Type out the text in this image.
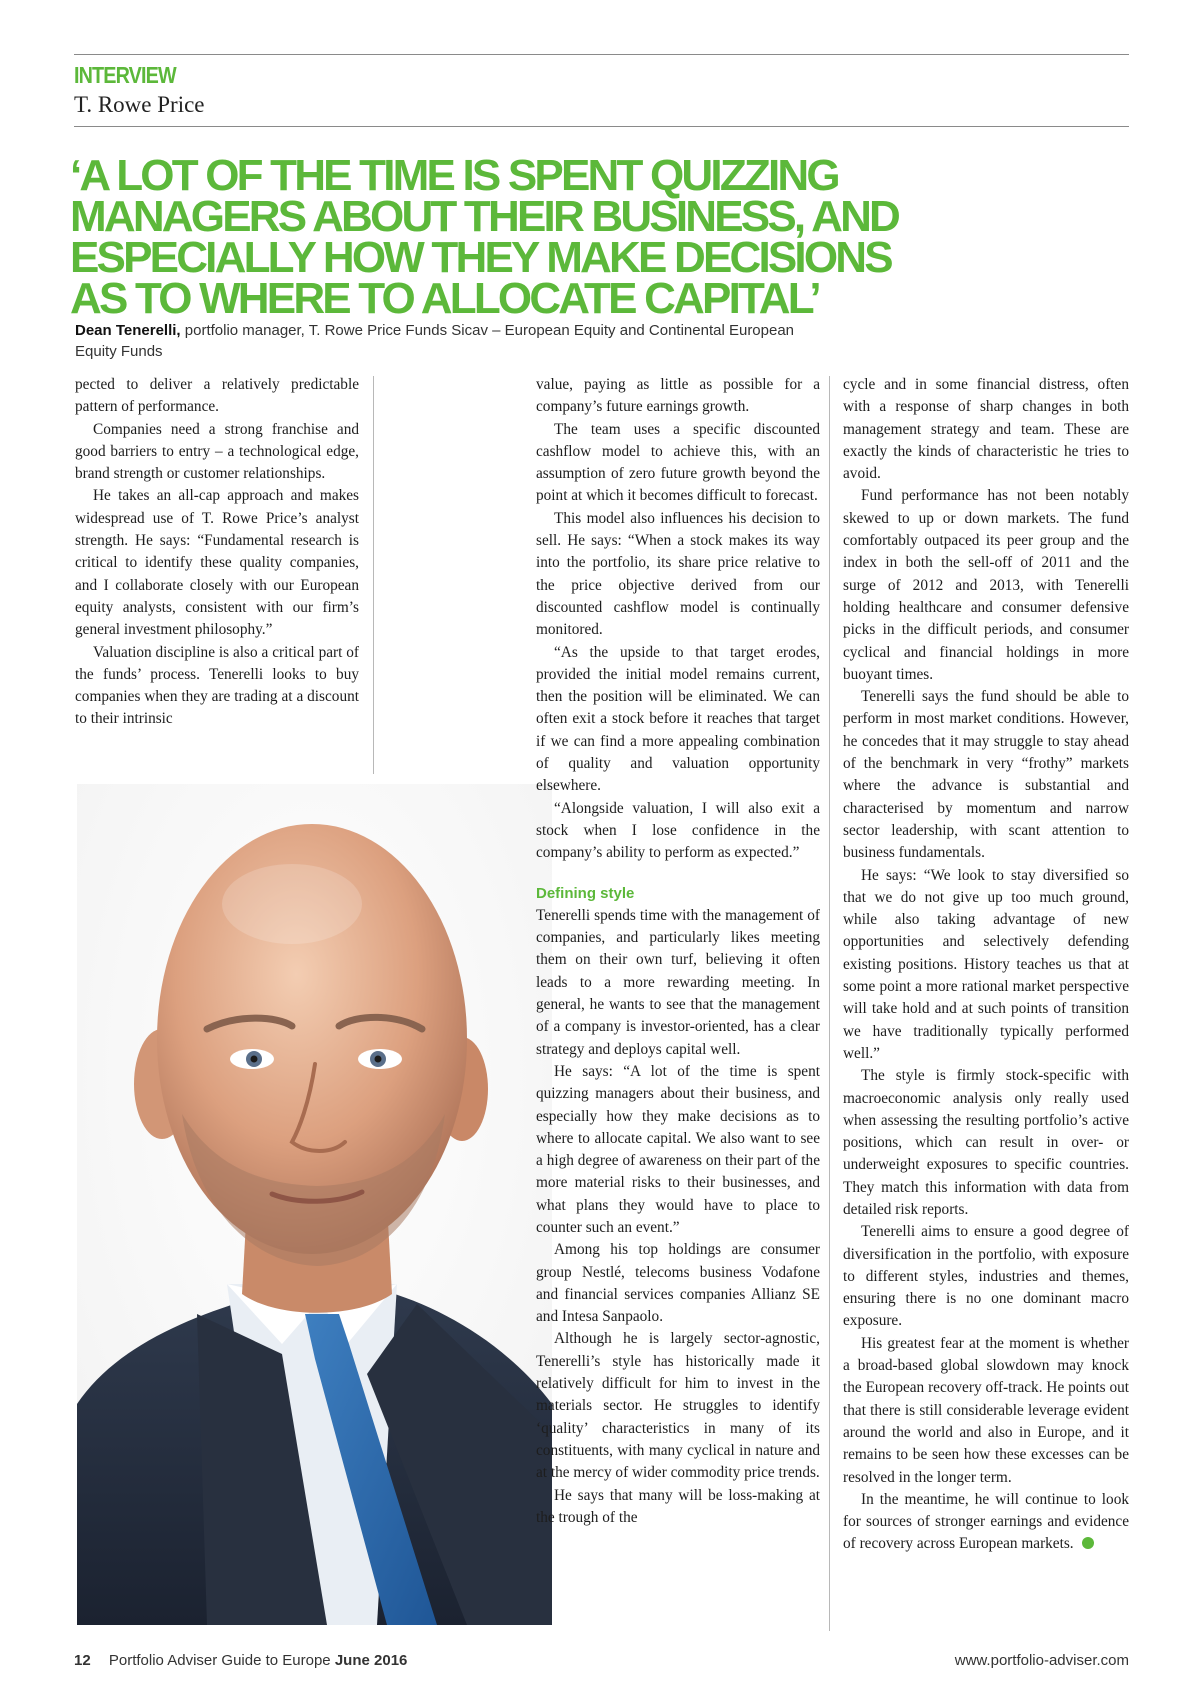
INTERVIEW
T. Rowe Price
‘A LOT OF THE TIME IS SPENT QUIZZING
MANAGERS ABOUT THEIR BUSINESS, AND
ESPECIALLY HOW THEY MAKE DECISIONS
AS TO WHERE TO ALLOCATE CAPITAL’
Dean Tenerelli, portfolio manager, T. Rowe Price Funds Sicav – European Equity and Continental European Equity Funds

pected to deliver a relatively predictable pattern of performance.

Companies need a strong franchise and good barriers to entry – a technological edge, brand strength or customer relationships.

He takes an all-cap approach and makes widespread use of T. Rowe Price’s analyst strength. He says: “Fundamental research is critical to identify these quality companies, and I collaborate closely with our European equity analysts, consistent with our firm’s general investment philosophy.”

Valuation discipline is also a critical part of the funds’ process. Tenerelli looks to buy companies when they are trading at a discount to their intrinsic

value, paying as little as possible for a company’s future earnings growth.

The team uses a specific discounted cashflow model to achieve this, with an assumption of zero future growth beyond the point at which it becomes difficult to forecast.

This model also influences his decision to sell. He says: “When a stock makes its way into the portfolio, its share price relative to the price objective derived from our discounted cashflow model is continually monitored.

“As the upside to that target erodes, provided the initial model remains current, then the position will be eliminated. We can often exit a stock before it reaches that target if we can find a more appealing combination of quality and valuation opportunity elsewhere.

“Alongside valuation, I will also exit a stock when I lose confidence in the company’s ability to perform as expected.”

Defining style

Tenerelli spends time with the management of companies, and particularly likes meeting them on their own turf, believing it often leads to a more rewarding meeting. In general, he wants to see that the management of a company is investor-oriented, has a clear strategy and deploys capital well.

He says: “A lot of the time is spent quizzing managers about their business, and especially how they make decisions as to where to allocate capital. We also want to see a high degree of awareness on their part of the more material risks to their businesses, and what plans they would have to place to counter such an event.”

Among his top holdings are consumer group Nestlé, telecoms business Vodafone and financial services companies Allianz SE and Intesa Sanpaolo.

Although he is largely sector-agnostic, Tenerelli’s style has historically made it relatively difficult for him to invest in the materials sector. He struggles to identify ‘quality’ characteristics in many of its constituents, with many cyclical in nature and at the mercy of wider commodity price trends.

He says that many will be loss-making at the trough of the

cycle and in some financial distress, often with a response of sharp changes in both management strategy and team. These are exactly the kinds of characteristic he tries to avoid.

Fund performance has not been notably skewed to up or down markets. The fund comfortably outpaced its peer group and the index in both the sell-off of 2011 and the surge of 2012 and 2013, with Tenerelli holding healthcare and consumer defensive picks in the difficult periods, and consumer cyclical and financial holdings in more buoyant times.

Tenerelli says the fund should be able to perform in most market conditions. However, he concedes that it may struggle to stay ahead of the benchmark in very “frothy” markets where the advance is substantial and characterised by momentum and narrow sector leadership, with scant attention to business fundamentals.

He says: “We look to stay diversified so that we do not give up too much ground, while also taking advantage of new opportunities and selectively defending existing positions. History teaches us that at some point a more rational market perspective will take hold and at such points of transition we have traditionally typically performed well.”

The style is firmly stock-specific with macroeconomic analysis only really used when assessing the resulting portfolio’s active positions, which can result in over- or underweight exposures to specific countries. They match this information with data from detailed risk reports.

Tenerelli aims to ensure a good degree of diversification in the portfolio, with exposure to different styles, industries and themes, ensuring there is no one dominant macro exposure.

His greatest fear at the moment is whether a broad-based global slowdown may knock the European recovery off-track. He points out that there is still considerable leverage evident around the world and also in Europe, and it remains to be seen how these excesses can be resolved in the longer term.

In the meantime, he will continue to look for sources of stronger earnings and evidence of recovery across European markets.

12 Portfolio Adviser Guide to Europe June 2016	www.portfolio-adviser.com
